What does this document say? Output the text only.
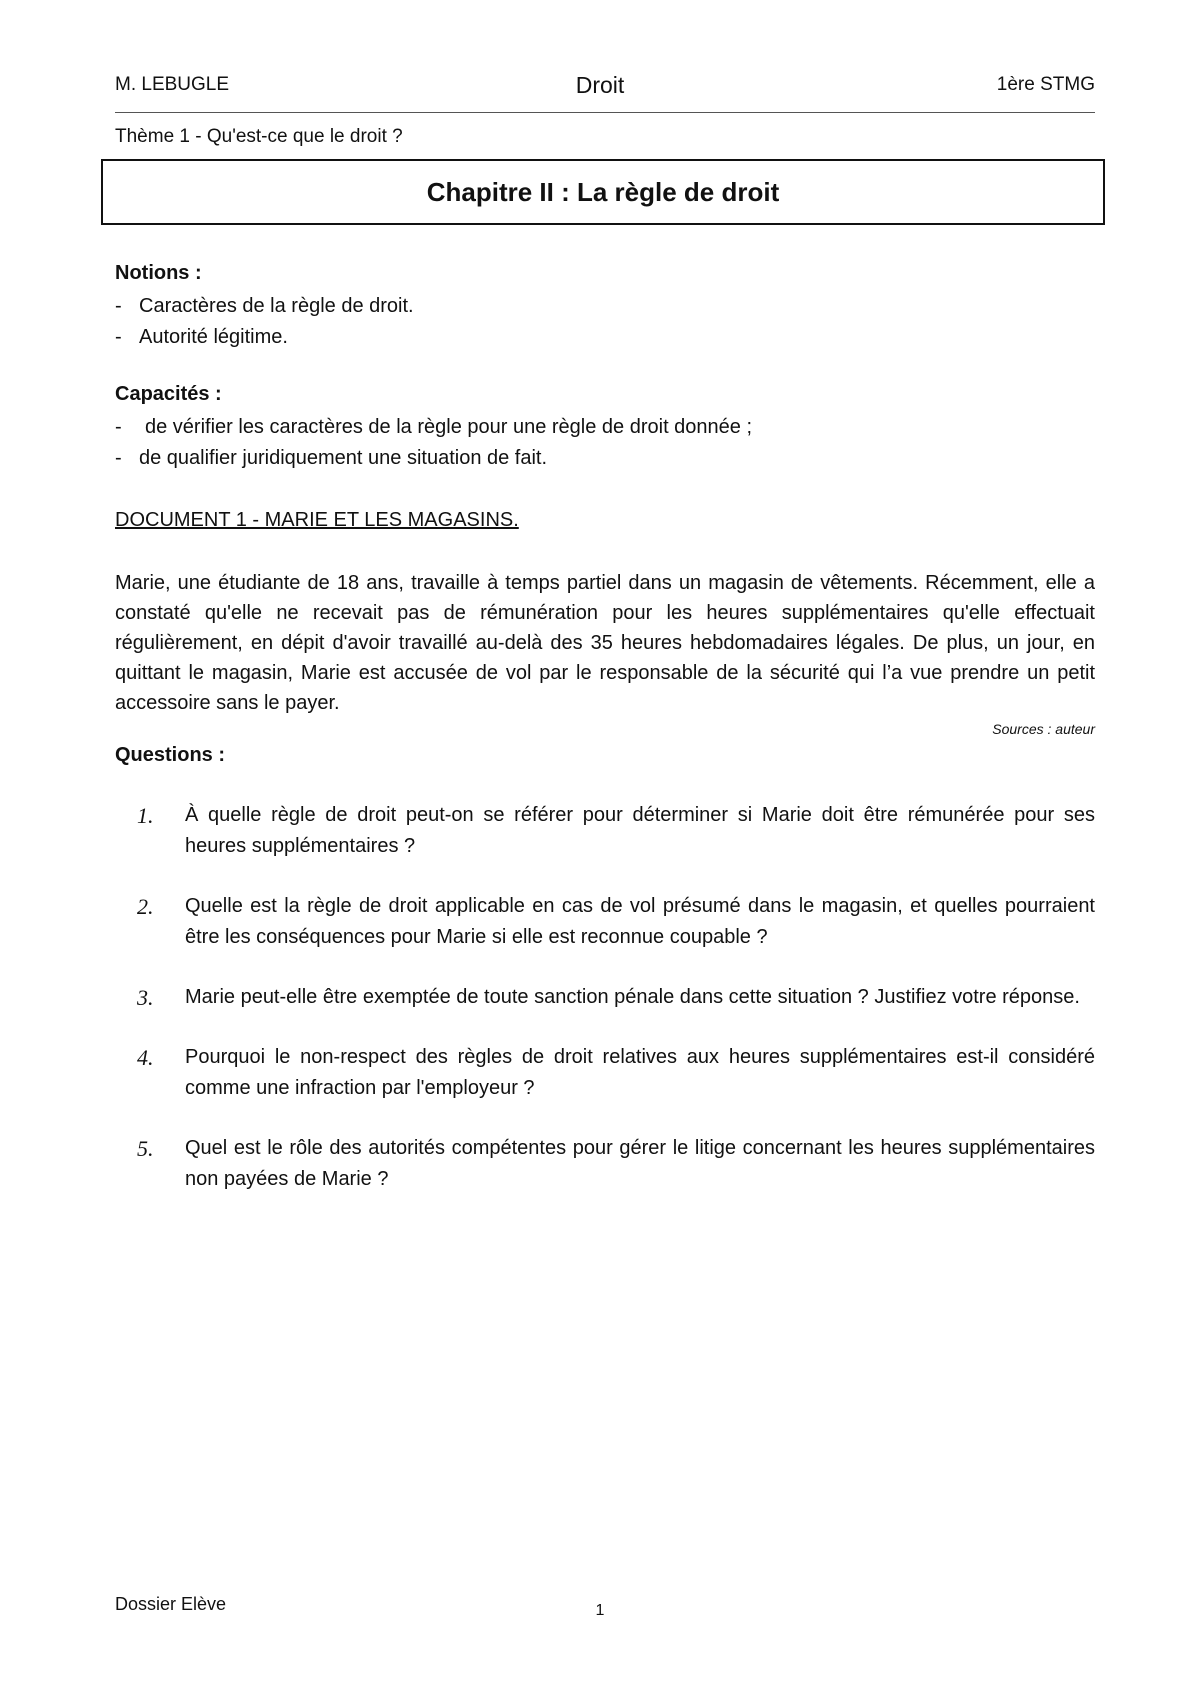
M. LEBUGLE	Droit	1ère STMG
Thème 1 - Qu'est-ce que le droit ?
Chapitre II : La règle de droit
Notions :
- Caractères de la règle de droit.
- Autorité légitime.
Capacités :
-	de vérifier les caractères de la règle pour une règle de droit donnée ;
- de qualifier juridiquement une situation de fait.
DOCUMENT 1 - MARIE ET LES MAGASINS.

Marie, une étudiante de 18 ans, travaille à temps partiel dans un magasin de vêtements. Récemment, elle a constaté qu'elle ne recevait pas de rémunération pour les heures supplémentaires qu'elle effectuait régulièrement, en dépit d'avoir travaillé au-delà des 35 heures hebdomadaires légales. De plus, un jour, en quittant le magasin, Marie est accusée de vol par le responsable de la sécurité qui l’a vue prendre un petit accessoire sans le payer.

Sources : auteur
Questions :
1.	À quelle règle de droit peut-on se référer pour déterminer si Marie doit être rémunérée pour ses heures supplémentaires ?
2.	Quelle est la règle de droit applicable en cas de vol présumé dans le magasin, et quelles pourraient être les conséquences pour Marie si elle est reconnue coupable ?
3.	Marie peut-elle être exemptée de toute sanction pénale dans cette situation ? Justifiez votre réponse.
4.	Pourquoi le non-respect des règles de droit relatives aux heures supplémentaires est-il considéré comme une infraction par l'employeur ?
5.	Quel est le rôle des autorités compétentes pour gérer le litige concernant les heures supplémentaires non payées de Marie ?
Dossier Elève	1
